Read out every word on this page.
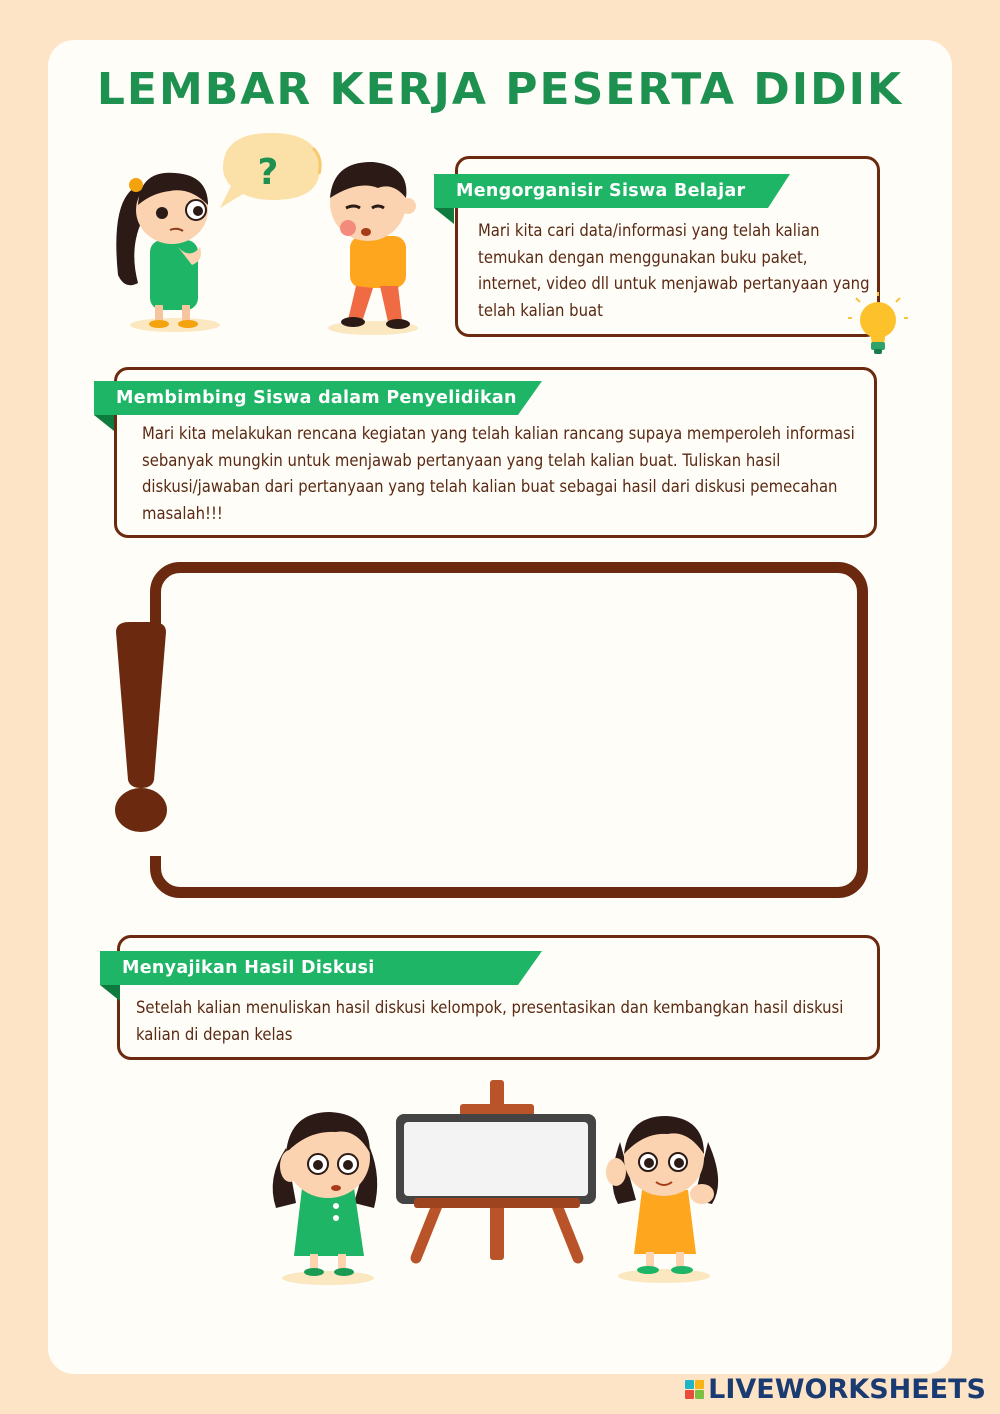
LEMBAR KERJA PESERTA DIDIK
?	Mengorganisir Siswa Belajar
Mari kita cari data/informasi yang telah kalian temukan dengan menggunakan buku paket, internet, video dll untuk menjawab pertanyaan yang telah kalian buat
Membimbing Siswa dalam Penyelidikan
Mari kita melakukan rencana kegiatan yang telah kalian rancang supaya memperoleh informasi sebanyak mungkin untuk menjawab pertanyaan yang telah kalian buat. Tuliskan hasil diskusi/jawaban dari pertanyaan yang telah kalian buat sebagai hasil dari diskusi pemecahan masalah!!!
Menyajikan Hasil Diskusi
Setelah kalian menuliskan hasil diskusi kelompok, presentasikan dan kembangkan hasil diskusi kalian di depan kelas
LIVEWORKSHEETS
